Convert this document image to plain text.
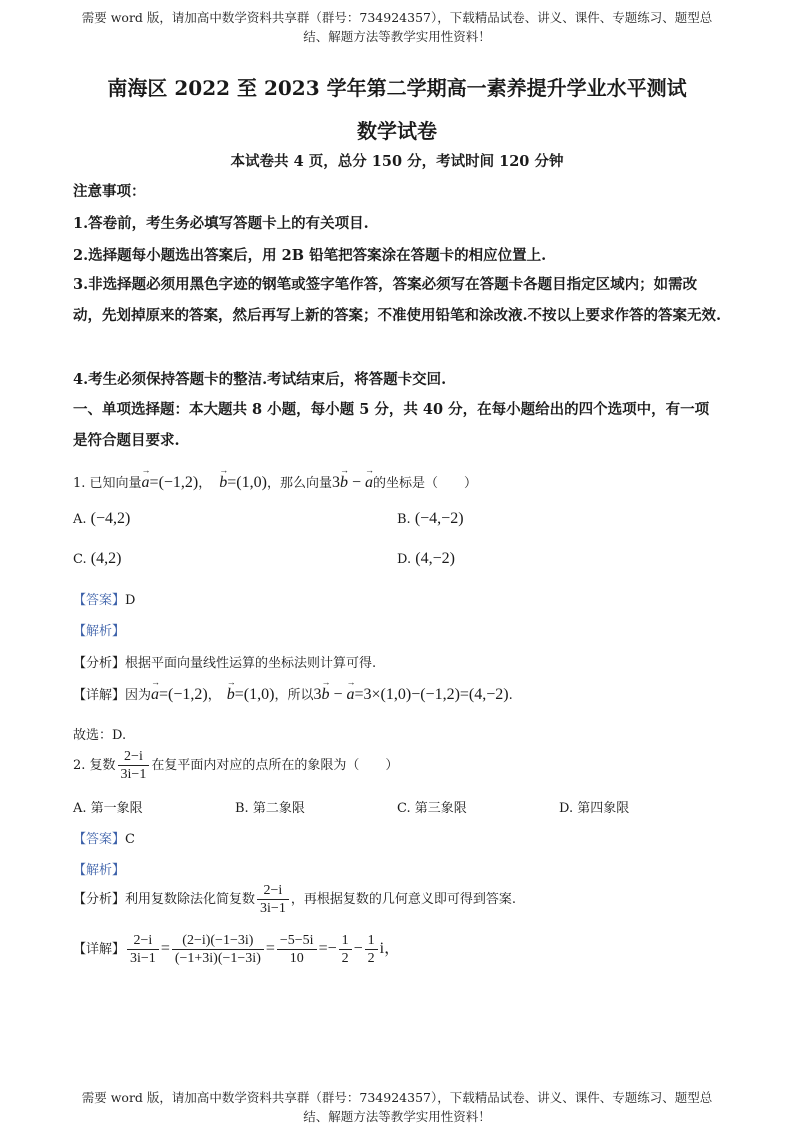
需要 word 版，请加高中数学资料共享群（群号：734924357），下载精品试卷、讲义、课件、专题练习、题型总
结、解题方法等教学实用性资料！
南海区 2022 至 2023 学年第二学期高一素养提升学业水平测试
数学试卷
本试卷共 4 页，总分 150 分，考试时间 120 分钟
注意事项：
1.答卷前，考生务必填写答题卡上的有关项目.
2.选择题每小题选出答案后，用 2B 铅笔把答案涂在答题卡的相应位置上.
3.非选择题必须用黑色字迹的钢笔或签字笔作答，答案必须写在答题卡各题目指定区域内；如需改动，先划掉原来的答案，然后再写上新的答案；不准使用铅笔和涂改液.不按以上要求作答的答案无效.
4.考生必须保持答题卡的整洁.考试结束后，将答题卡交回.
一、单项选择题：本大题共 8 小题，每小题 5 分，共 40 分，在每小题给出的四个选项中，有一项是符合题目要求.
1. 已知向量→ a=(−1,2)， → b=(1,0)，那么向量3→ b − → a的坐标是（　　）
A. (−4,2)	B. (−4,−2)
C. (4,2)	D. (4,−2)
【答案】D
【解析】
【分析】根据平面向量线性运算的坐标法则计算可得.
【详解】因为→ a=(−1,2)， → b=(1,0)，所以3→ b − → a=3×(1,0)−(−1,2)=(4,−2).
故选：D.
2. 复数 $\frac{2-i}{3i-1}$ 在复平面内对应的点所在的象限为（　　）
A. 第一象限	B. 第二象限	C. 第三象限	D. 第四象限
【答案】C
【解析】
【分析】利用复数除法化简复数 $\frac{2-i}{3i-1}$ ，再根据复数的几何意义即可得到答案.
【详解】 $\frac{2-i}{3i-1} = \frac{(2-i)(-1-3i)}{(-1+3i)(-1-3i)} = \frac{-5-5i}{10} =- \frac{1}{2} - \frac{1}{2}$ i，
需要 word 版，请加高中数学资料共享群（群号：734924357），下载精品试卷、讲义、课件、专题练习、题型总
结、解题方法等教学实用性资料！
